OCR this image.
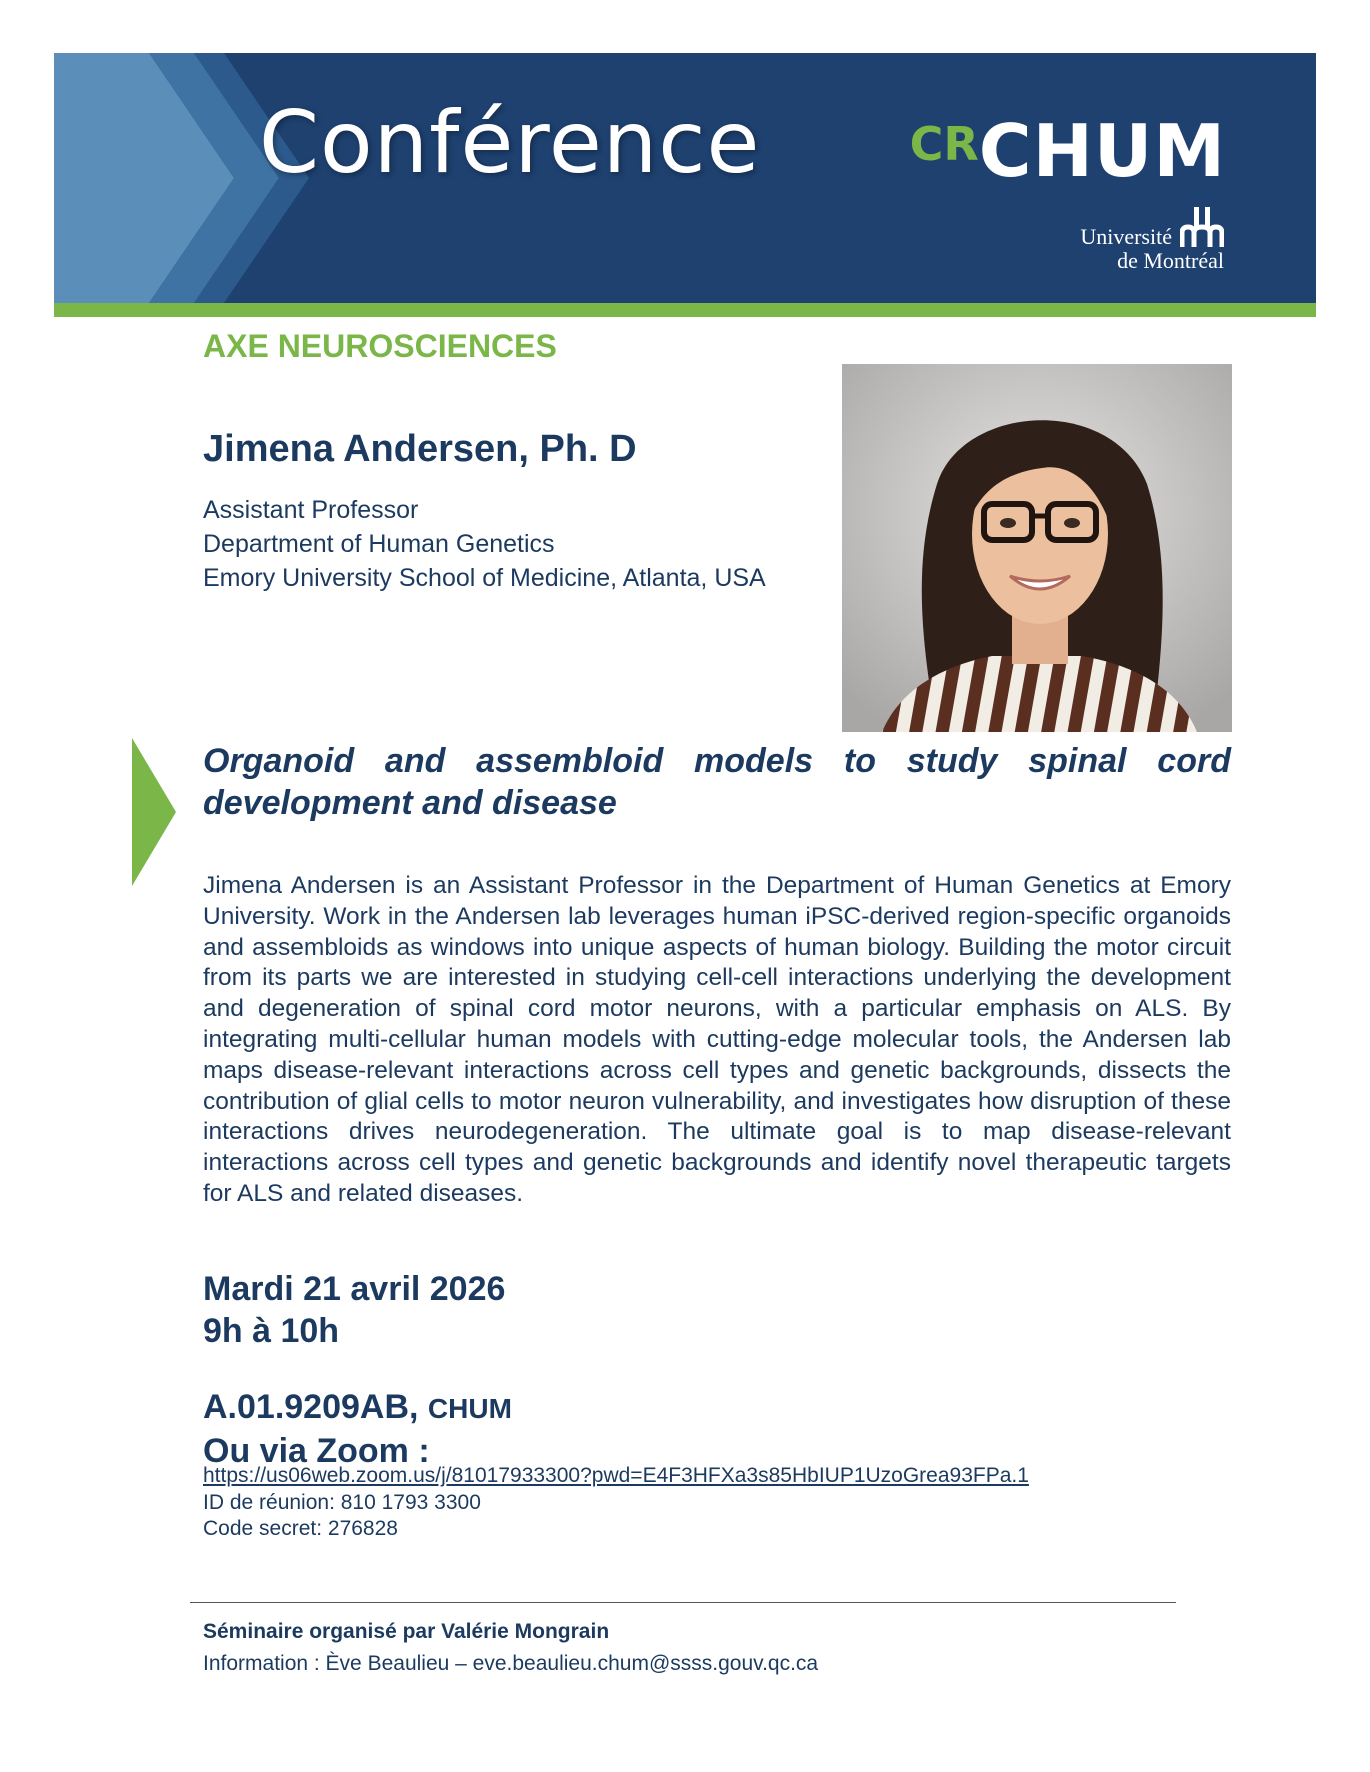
Conférence	CRCHUM
Université
de Montréal
AXE NEUROSCIENCES
Jimena Andersen, Ph. D
Assistant Professor
Department of Human Genetics
Emory University School of Medicine, Atlanta, USA
Organoid and assembloid models to study spinal cord development and disease
Jimena Andersen is an Assistant Professor in the Department of Human Genetics at Emory University. Work in the Andersen lab leverages human iPSC-derived region-specific organoids and assembloids as windows into unique aspects of human biology. Building the motor circuit from its parts we are interested in studying cell-cell interactions underlying the development and degeneration of spinal cord motor neurons, with a particular emphasis on ALS. By integrating multi-cellular human models with cutting-edge molecular tools, the Andersen lab maps disease-relevant interactions across cell types and genetic backgrounds, dissects the contribution of glial cells to motor neuron vulnerability, and investigates how disruption of these interactions drives neurodegeneration. The ultimate goal is to map disease-relevant interactions across cell types and genetic backgrounds and identify novel therapeutic targets for ALS and related diseases.
Mardi 21 avril 2026
9h à 10h
A.01.9209AB, CHUM
Ou via Zoom :
https://us06web.zoom.us/j/81017933300?pwd=E4F3HFXa3s85HbIUP1UzoGrea93FPa.1
ID de réunion: 810 1793 3300
Code secret: 276828
Séminaire organisé par Valérie Mongrain
Information : Ève Beaulieu – eve.beaulieu.chum@ssss.gouv.qc.ca
